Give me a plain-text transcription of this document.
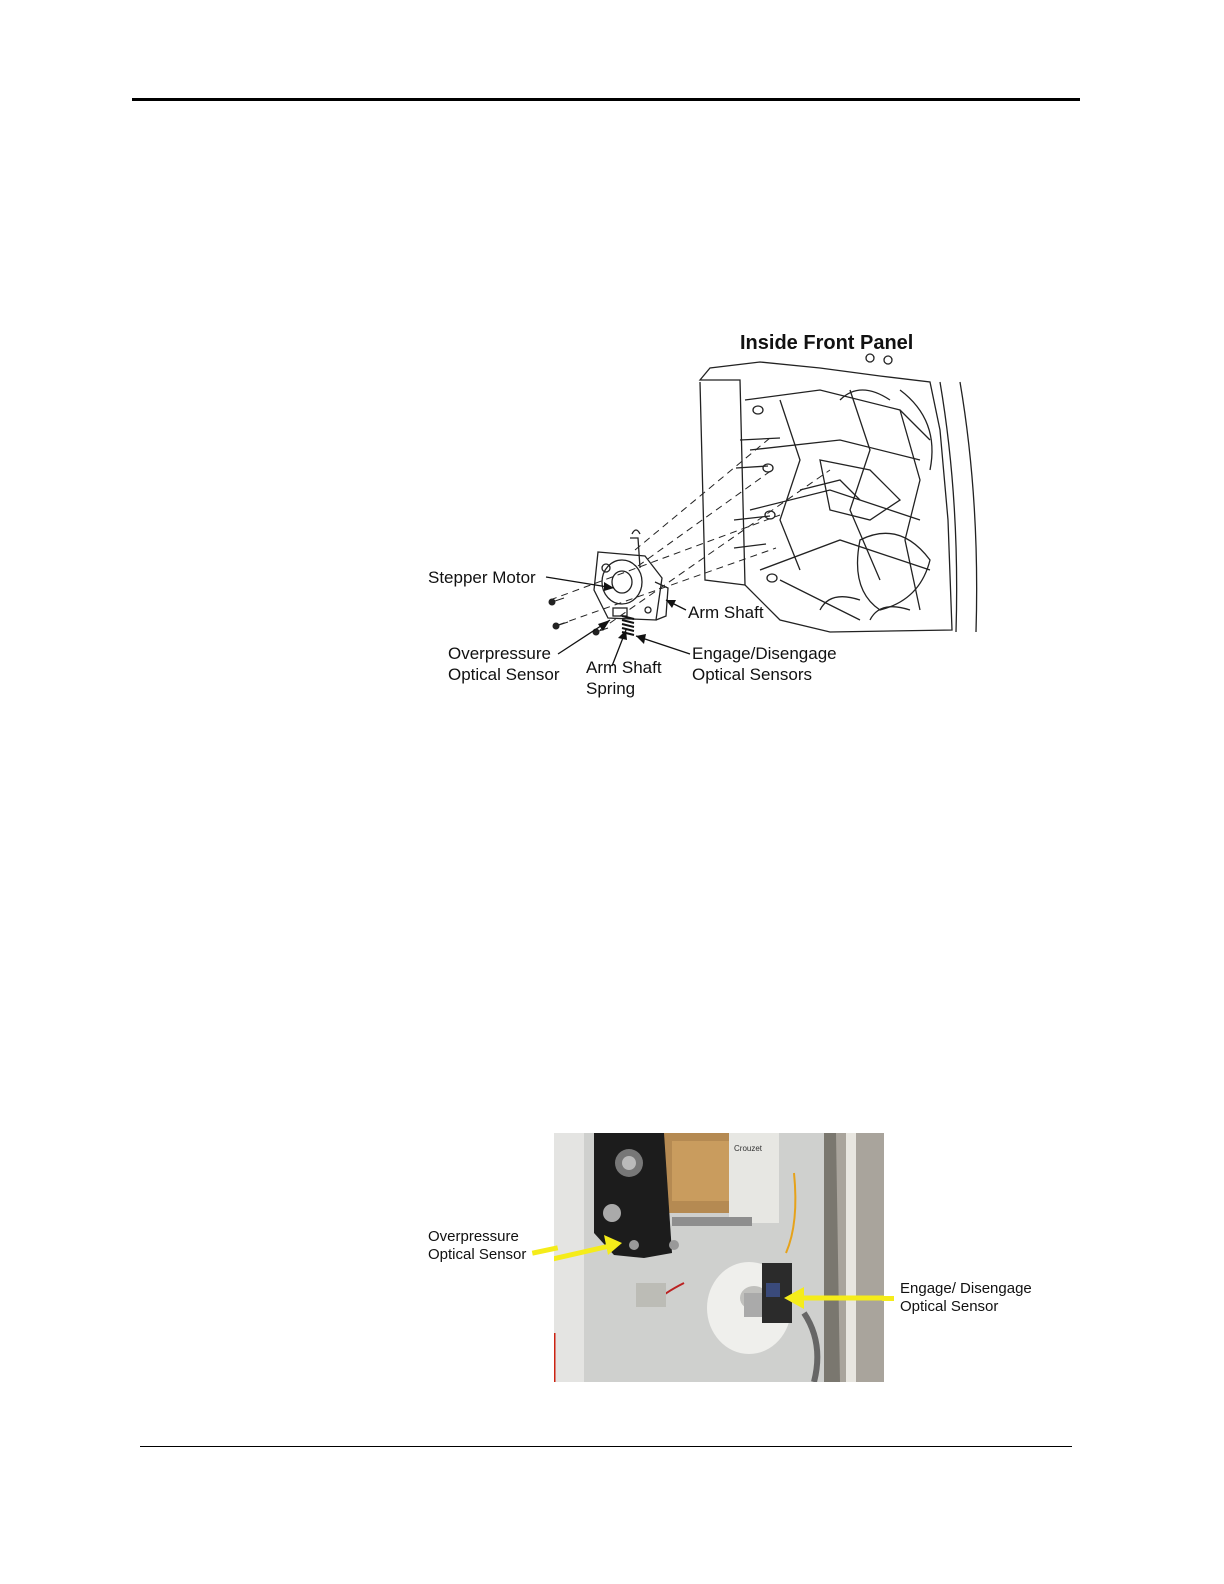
Inside Front Panel
Stepper Motor
Arm Shaft
Overpressure
Optical Sensor Arm Shaft
Spring
Engage/Disengage
Optical Sensors
Crouzet
Overpressure
Optical Sensor
Engage/ Disengage
Optical Sensor
